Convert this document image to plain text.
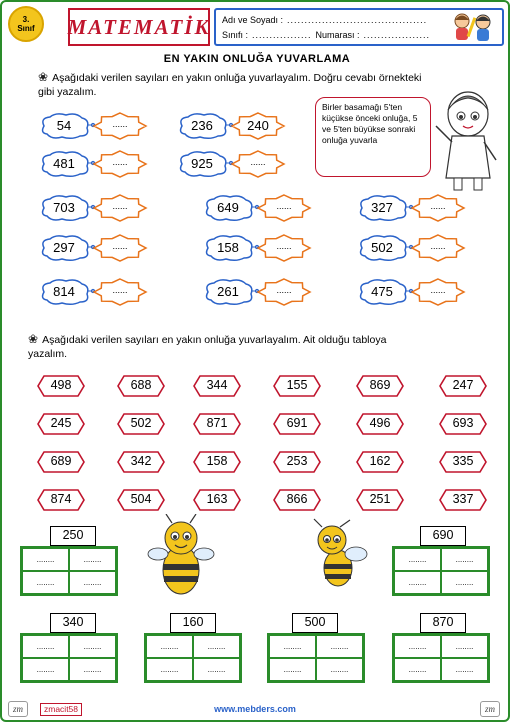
3.
Sınıf MATEMATİK Adı ve Soyadı : ........................................
Sınıfı : ................. Numarası : ...................
EN YAKIN ONLUĞA YUVARLAMA
❀ Aşağıdaki verilen sayıları en yakın onluğa yuvarlayalım. Doğru cevabı örnekteki
gibi yazalım.
54	......	236	240
481	......	925	......
703	......	649	......	327	......
297	......	158	......	502	......
814	......	261	......	475	......
Birler basamağı 5'ten küçükse önceki onluğa, 5 ve 5'ten büyükse sonraki onluğa yuvarla
❀ Aşağıdaki verilen sayıları en yakın onluğa yuvarlayalım. Ait olduğu tabloya
yazalım.
498	688	344	155	869	247
245	502	871	691	496	693
689	342	158	253	162	335
874	504	163	866	251	337
........	........
........	........
250
........	........
........	........
690
........	........
........	........
340
........	........
........	........
160
........	........
........	........
500
........	........
........	........
870
zm	zmacit58	www.mebders.com	zm
